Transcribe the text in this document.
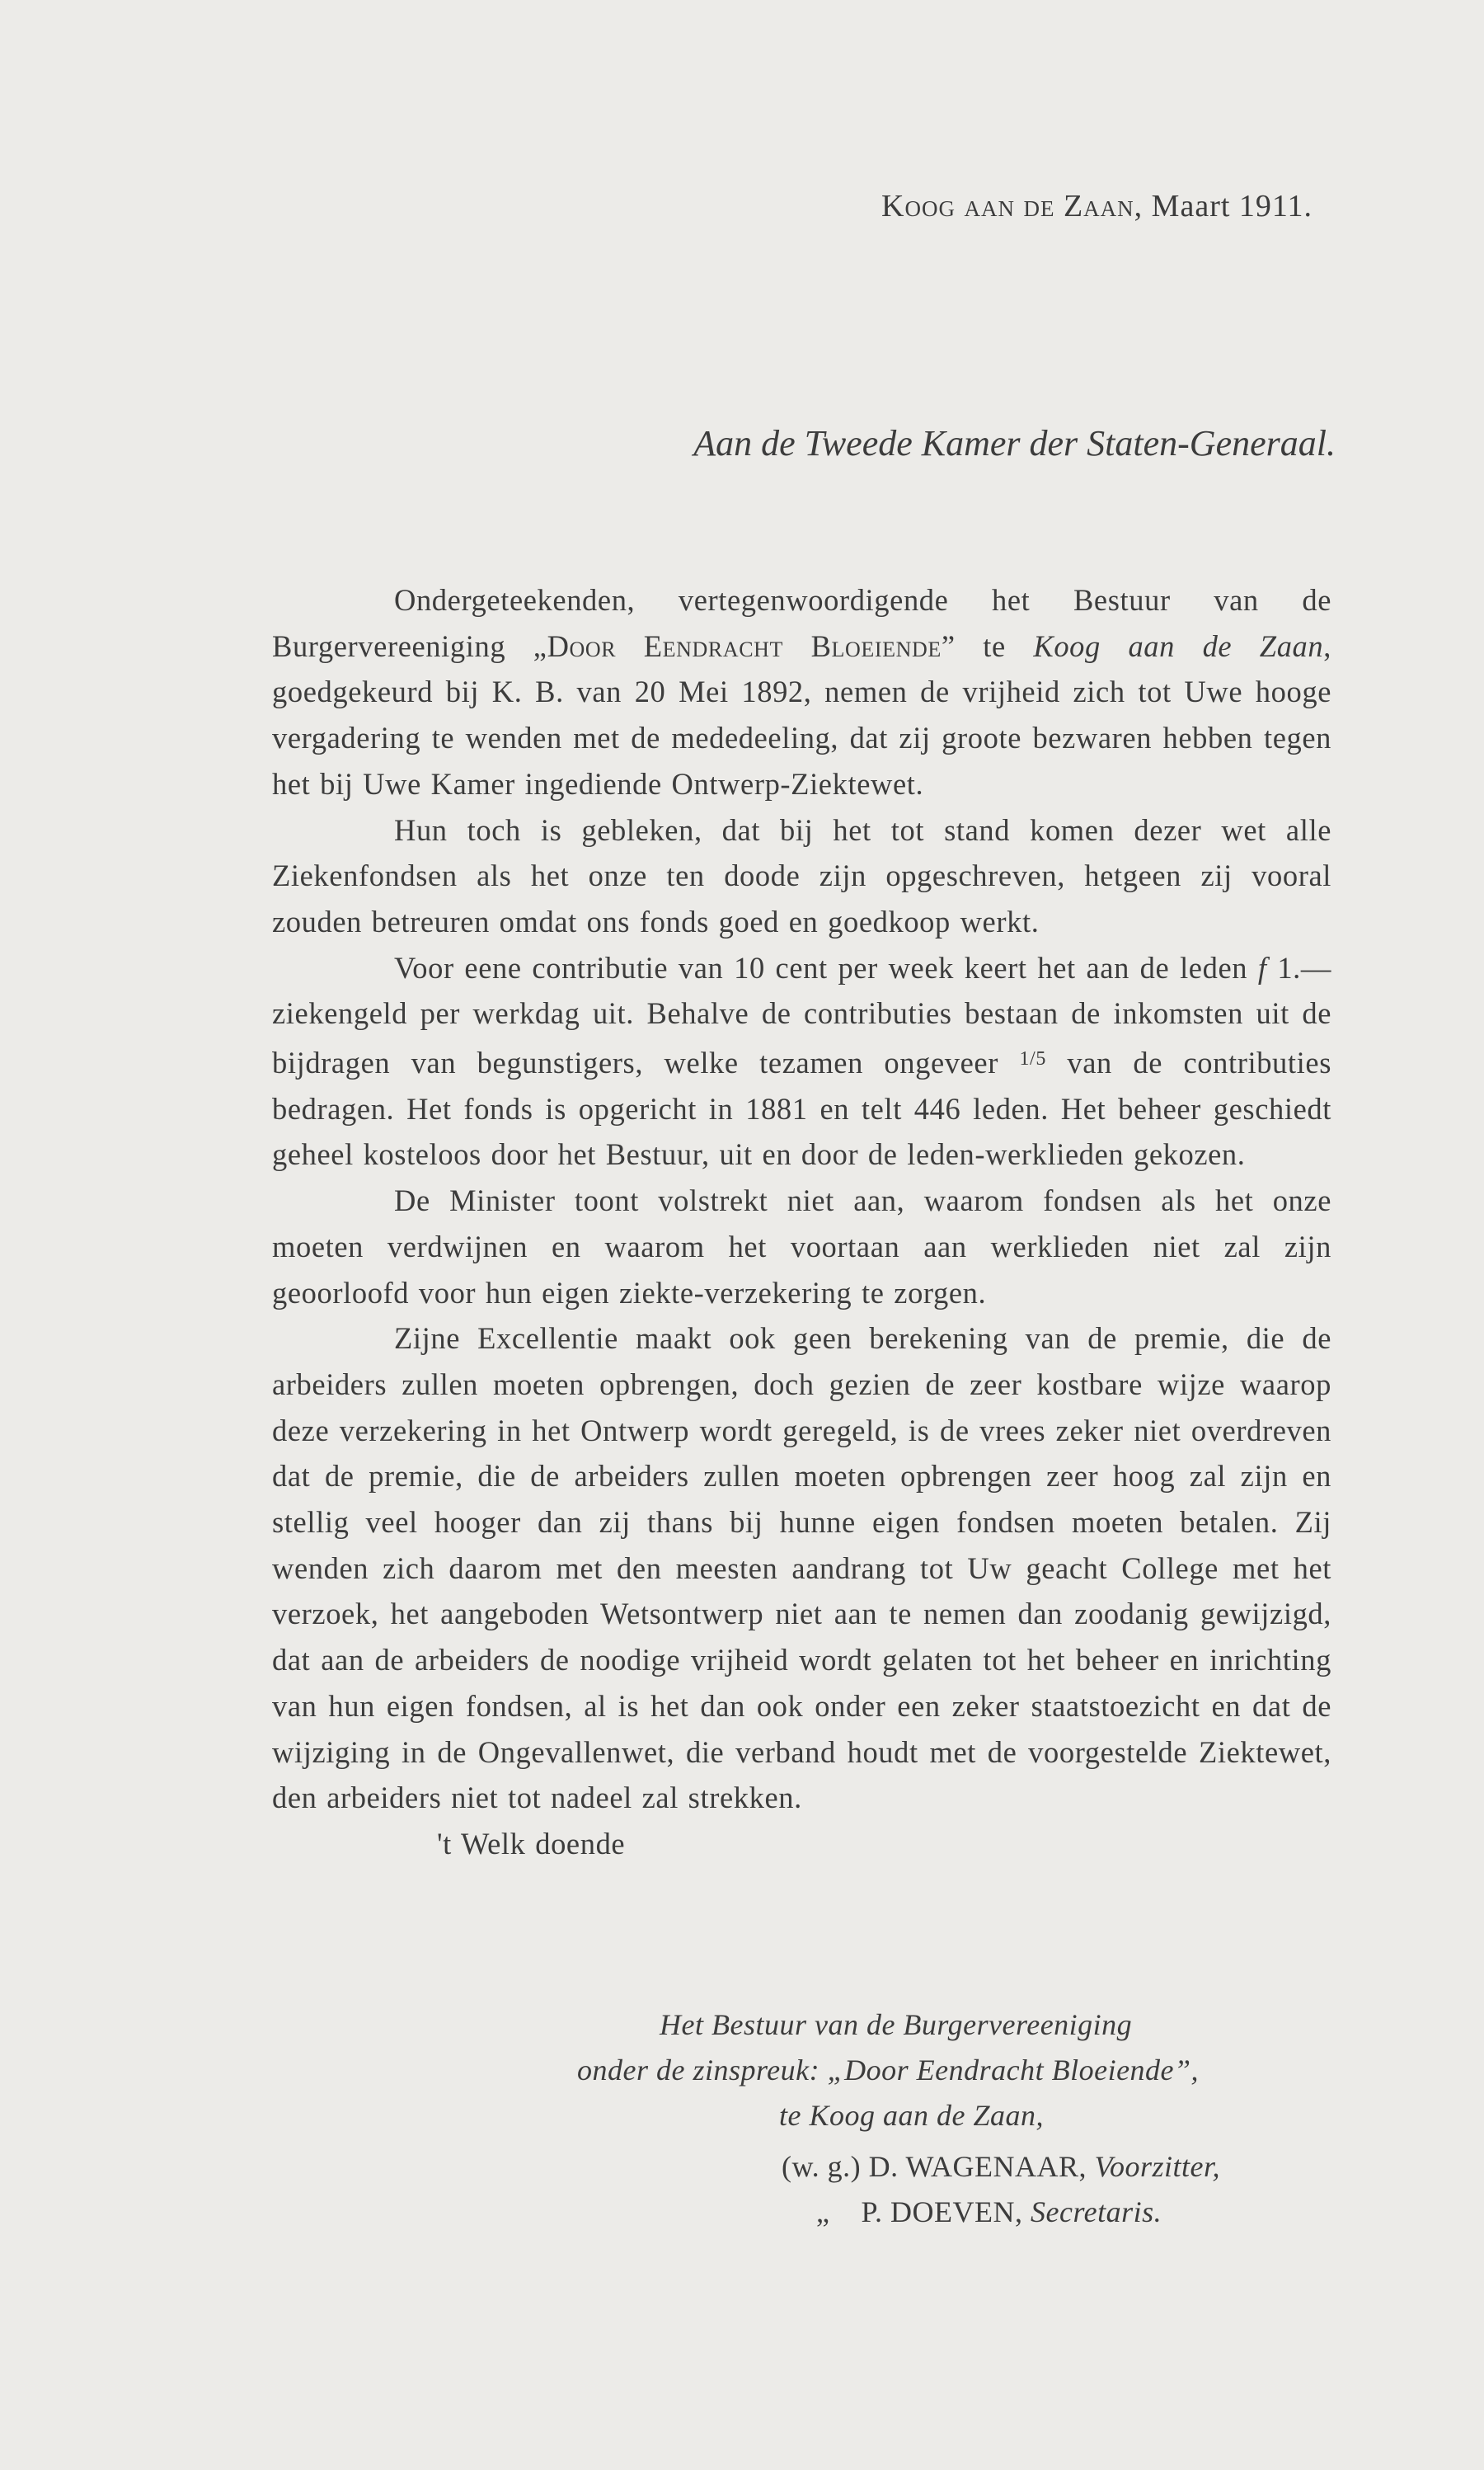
Koog aan de Zaan, Maart 1911.
Aan de Tweede Kamer der Staten-Generaal.

Ondergeteekenden, vertegenwoordigende het Bestuur van de Burgervereeniging „Door Eendracht Bloeiende” te Koog aan de Zaan, goedgekeurd bij K. B. van 20 Mei 1892, nemen de vrijheid zich tot Uwe hooge vergadering te wenden met de mededeeling, dat zij groote bezwaren hebben tegen het bij Uwe Kamer ingediende Ontwerp-Ziektewet.

Hun toch is gebleken, dat bij het tot stand komen dezer wet alle Ziekenfondsen als het onze ten doode zijn opgeschreven, hetgeen zij vooral zouden betreuren omdat ons fonds goed en goedkoop werkt.

Voor eene contributie van 10 cent per week keert het aan de leden f 1.— ziekengeld per werkdag uit. Behalve de contributies bestaan de inkomsten uit de bijdragen van begunstigers, welke tezamen ongeveer $^{1/5}$ van de contributies bedragen. Het fonds is opgericht in 1881 en telt 446 leden. Het beheer geschiedt geheel kosteloos door het Bestuur, uit en door de leden-werklieden gekozen.

De Minister toont volstrekt niet aan, waarom fondsen als het onze moeten verdwijnen en waarom het voortaan aan werklieden niet zal zijn geoorloofd voor hun eigen ziekte-verzekering te zorgen.

Zijne Excellentie maakt ook geen berekening van de premie, die de arbeiders zullen moeten opbrengen, doch gezien de zeer kostbare wijze waarop deze verzekering in het Ontwerp wordt geregeld, is de vrees zeker niet overdreven dat de premie, die de arbeiders zullen moeten opbrengen zeer hoog zal zijn en stellig veel hooger dan zij thans bij hunne eigen fondsen moeten betalen. Zij wenden zich daarom met den meesten aandrang tot Uw geacht College met het verzoek, het aangeboden Wetsontwerp niet aan te nemen dan zoodanig gewijzigd, dat aan de arbeiders de noodige vrijheid wordt gelaten tot het beheer en inrichting van hun eigen fondsen, al is het dan ook onder een zeker staatstoezicht en dat de wijziging in de Ongevallenwet, die verband houdt met de voorgestelde Ziektewet, den arbeiders niet tot nadeel zal strekken.

't Welk doende

Het Bestuur van de Burgervereeniging
onder de zinspreuk: „Door Eendracht Bloeiende”,
te Koog aan de Zaan,
(w. g.) D. WAGENAAR, Voorzitter,
„    P. DOEVEN, Secretaris.
